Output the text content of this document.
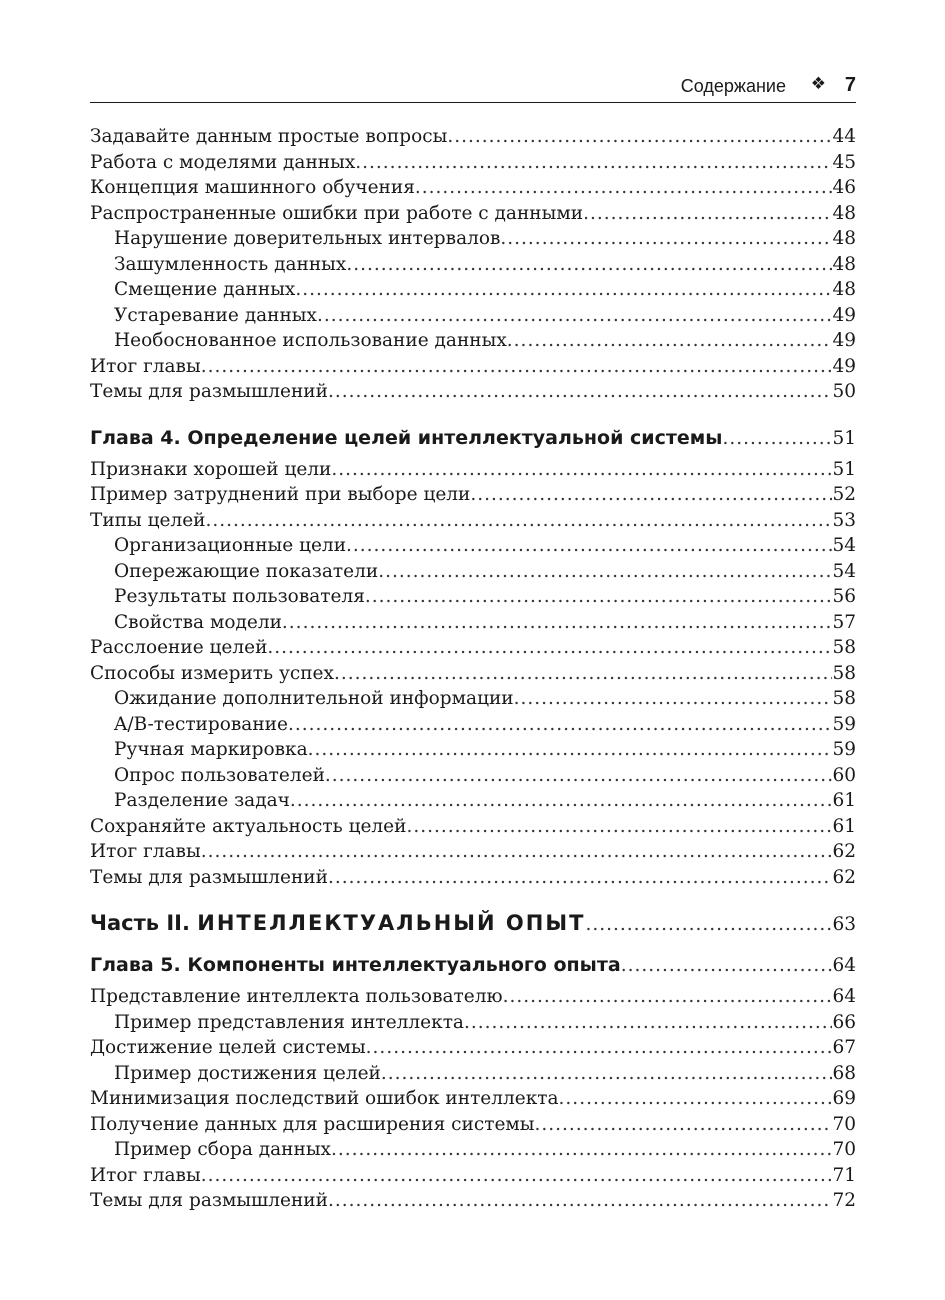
Содержание ❖ 7
Задавайте данным простые вопросы .....	44
Работа с моделями данных .....	45
Концепция машинного обучения .....	46
Распространенные ошибки при работе с данными .....	48
Нарушение доверительных интервалов .....	48
Зашумленность данных .....	48
Смещение данных .....	48
Устаревание данных .....	49
Необоснованное использование данных .....	49
Итог главы .....	49
Темы для размышлений .....	50
Глава 4. Определение целей интеллектуальной системы .....	51
Признаки хорошей цели .....	51
Пример затруднений при выборе цели .....	52
Типы целей .....	53
Организационные цели .....	54
Опережающие показатели .....	54
Результаты пользователя .....	56
Свойства модели .....	57
Расслоение целей .....	58
Способы измерить успех .....	58
Ожидание дополнительной информации .....	58
A/B-тестирование .....	59
Ручная маркировка .....	59
Опрос пользователей .....	60
Разделение задач .....	61
Сохраняйте актуальность целей .....	61
Итог главы .....	62
Темы для размышлений .....	62
Часть II. ИНТЕЛЛЕКТУАЛЬНЫЙ ОПЫТ .....	63
Глава 5. Компоненты интеллектуального опыта .....	64
Представление интеллекта пользователю .....	64
Пример представления интеллекта .....	66
Достижение целей системы .....	67
Пример достижения целей .....	68
Минимизация последствий ошибок интеллекта .....	69
Получение данных для расширения системы .....	70
Пример сбора данных .....	70
Итог главы .....	71
Темы для размышлений .....	72
